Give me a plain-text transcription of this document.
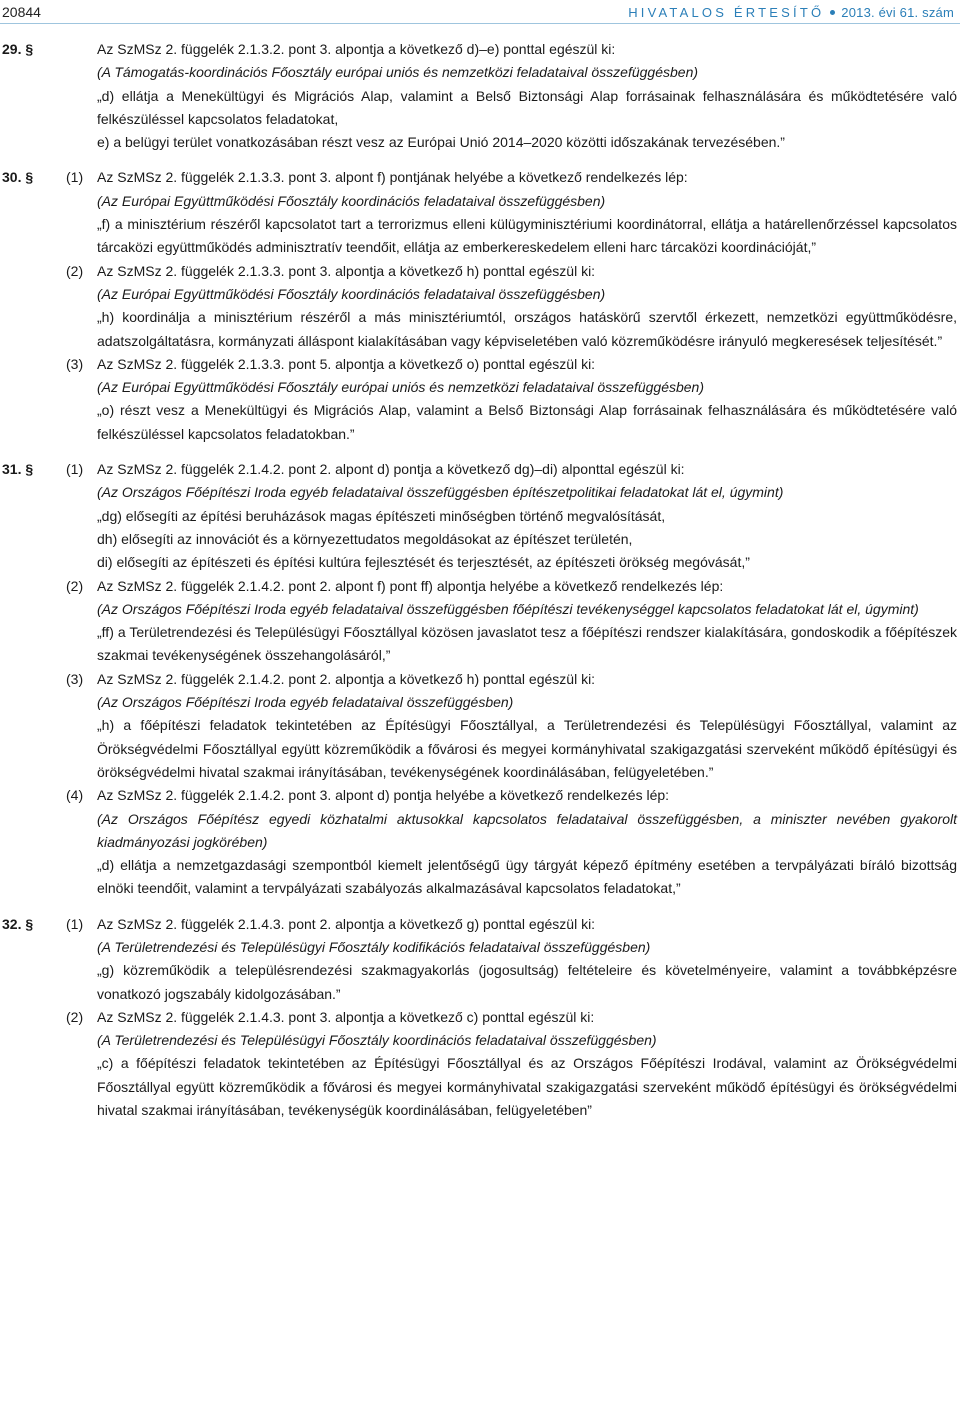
20844	HIVATALOS ÉRTESÍTŐ 2013. évi 61. szám
29. §	Az SzMSz 2. függelék 2.1.3.2. pont 3. alpontja a következő d)–e) ponttal egészül ki:

(A Támogatás-koordinációs Főosztály európai uniós és nemzetközi feladataival összefüggésben)

„d) ellátja a Menekültügyi és Migrációs Alap, valamint a Belső Biztonsági Alap forrásainak felhasználására és működtetésére való felkészüléssel kapcsolatos feladatokat,

e) a belügyi terület vonatkozásában részt vesz az Európai Unió 2014–2020 közötti időszakának tervezésében.”

30. § (1) Az SzMSz 2. függelék 2.1.3.3. pont 3. alpont f) pontjának helyébe a következő rendelkezés lép:

(Az Európai Együttműködési Főosztály koordinációs feladataival összefüggésben)

„f) a minisztérium részéről kapcsolatot tart a terrorizmus elleni külügyminisztériumi koordinátorral, ellátja a határellenőrzéssel kapcsolatos tárcaközi együttműködés adminisztratív teendőit, ellátja az emberkereskedelem elleni harc tárcaközi koordinációját,”

(2) Az SzMSz 2. függelék 2.1.3.3. pont 3. alpontja a következő h) ponttal egészül ki:

(Az Európai Együttműködési Főosztály koordinációs feladataival összefüggésben)

„h) koordinálja a minisztérium részéről a más minisztériumtól, országos hatáskörű szervtől érkezett, nemzetközi együttműködésre, adatszolgáltatásra, kormányzati álláspont kialakításában vagy képviseletében való közreműködésre irányuló megkeresések teljesítését.”

(3) Az SzMSz 2. függelék 2.1.3.3. pont 5. alpontja a következő o) ponttal egészül ki:

(Az Európai Együttműködési Főosztály európai uniós és nemzetközi feladataival összefüggésben)

„o) részt vesz a Menekültügyi és Migrációs Alap, valamint a Belső Biztonsági Alap forrásainak felhasználására és működtetésére való felkészüléssel kapcsolatos feladatokban.”

31. § (1) Az SzMSz 2. függelék 2.1.4.2. pont 2. alpont d) pontja a következő dg)–di) alponttal egészül ki:

(Az Országos Főépítészi Iroda egyéb feladataival összefüggésben építészetpolitikai feladatokat lát el, úgymint)

„dg) elősegíti az építési beruházások magas építészeti minőségben történő megvalósítását,

dh) elősegíti az innovációt és a környezettudatos megoldásokat az építészet területén,

di) elősegíti az építészeti és építési kultúra fejlesztését és terjesztését, az építészeti örökség megóvását,”

(2) Az SzMSz 2. függelék 2.1.4.2. pont 2. alpont f) pont ff) alpontja helyébe a következő rendelkezés lép:

(Az Országos Főépítészi Iroda egyéb feladataival összefüggésben főépítészi tevékenységgel kapcsolatos feladatokat lát el, úgymint)

„ff) a Területrendezési és Településügyi Főosztállyal közösen javaslatot tesz a főépítészi rendszer kialakítására, gondoskodik a főépítészek szakmai tevékenységének összehangolásáról,”

(3) Az SzMSz 2. függelék 2.1.4.2. pont 2. alpontja a következő h) ponttal egészül ki:

(Az Országos Főépítészi Iroda egyéb feladataival összefüggésben)

„h) a főépítészi feladatok tekintetében az Építésügyi Főosztállyal, a Területrendezési és Településügyi Főosztállyal, valamint az Örökségvédelmi Főosztállyal együtt közreműködik a fővárosi és megyei kormányhivatal szakigazgatási szerveként működő építésügyi és örökségvédelmi hivatal szakmai irányításában, tevékenységének koordinálásában, felügyeletében.”

(4) Az SzMSz 2. függelék 2.1.4.2. pont 3. alpont d) pontja helyébe a következő rendelkezés lép:

(Az Országos Főépítész egyedi közhatalmi aktusokkal kapcsolatos feladataival összefüggésben, a miniszter nevében gyakorolt kiadmányozási jogkörében)

„d) ellátja a nemzetgazdasági szempontból kiemelt jelentőségű ügy tárgyát képező építmény esetében a tervpályázati bíráló bizottság elnöki teendőit, valamint a tervpályázati szabályozás alkalmazásával kapcsolatos feladatokat,”

32. § (1) Az SzMSz 2. függelék 2.1.4.3. pont 2. alpontja a következő g) ponttal egészül ki:

(A Területrendezési és Településügyi Főosztály kodifikációs feladataival összefüggésben)

„g) közreműködik a településrendezési szakmagyakorlás (jogosultság) feltételeire és követelményeire, valamint a továbbképzésre vonatkozó jogszabály kidolgozásában.”

(2) Az SzMSz 2. függelék 2.1.4.3. pont 3. alpontja a következő c) ponttal egészül ki:

(A Területrendezési és Településügyi Főosztály koordinációs feladataival összefüggésben)

„c) a főépítészi feladatok tekintetében az Építésügyi Főosztállyal és az Országos Főépítészi Irodával, valamint az Örökségvédelmi Főosztállyal együtt közreműködik a fővárosi és megyei kormányhivatal szakigazgatási szerveként működő építésügyi és örökségvédelmi hivatal szakmai irányításában, tevékenységük koordinálásában, felügyeletében”
